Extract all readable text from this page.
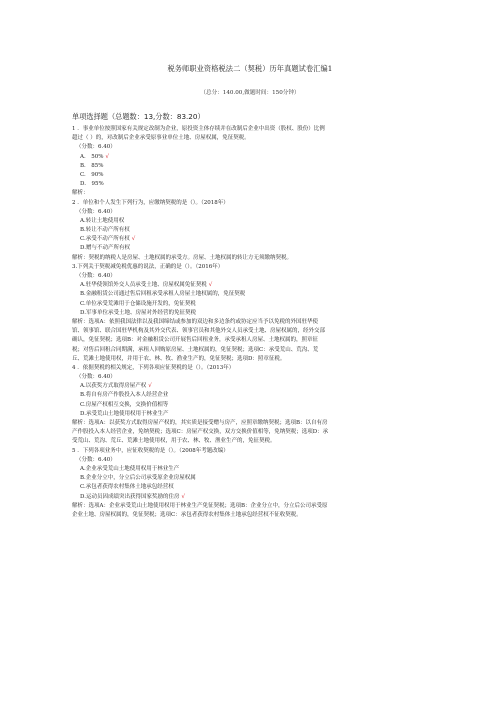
税务师职业资格税法二（契税）历年真题试卷汇编1
（总分：140.00,做题时间：150分钟）
单项选择题（总题数：13,分数：83.20）
1 ．事业单位按照国家有关规定改制为企业，原投资主体存续并在改制后企业中出资（股权、股份）比例
超过（ ）的，对改制后企业承受原事业单位土地、房屋权属，免征契税。
（分数：6.40）
A.　50% √
B.　85%
C.　90%
D.　95%
解析：
2 ．单位和个人发生下列行为，应缴纳契税的是（）。（2018年）
（分数：6.40）
A.转让土地使用权
B.转让不动产所有权
C.承受不动产所有权 √
D.赠与不动产所有权
解析：契税的纳税人是房屋、土地权属的承受方。房屋、土地权属的转让方无须缴纳契税。
3.下列关于契税减免税优惠的说法，正确的是（）。（2016年）
（分数：6.40）
A.驻华使领馆外交人员承受土地、房屋权属免征契税 √
B.金融租赁公司通过售后回租承受承租人房屋土地权属的，免征契税
C.单位承受荒滩用于仓储设施开发的，免征契税
D.军事单位承受土地、房屋对外经营的免征契税
解析：选项A：依照我国法律以及我国缔结或参加的双边和多边条约或协定应当予以免税的外国驻华使
馆、领事馆、联合国驻华机构及其外交代表、领事官员和其他外交人员承受土地、房屋权属的，经外交部
确认，免征契税；选项B：对金融租赁公司开展售后回租业务，承受承租人房屋、土地权属的，照章征
税；对售后回租合同期满，承租人回购原房屋、土地权属的，免征契税；选项C：承受荒山、荒沟、荒
丘、荒滩土地使用权，并用于农、林、牧、渔业生产的，免征契税；选项D：照章征税。
4 ．依据契税的相关规定，下列各项应征契税的是（）。（2013年）
（分数：6.40）
A.以获奖方式取得房屋产权 √
B.将自有房产作股投入本人经营企业
C.房屋产权相互交换，交换价值相等
D.承受荒山土地使用权用于林业生产
解析：选项A：以获奖方式取得房屋产权的，其实质是接受赠与房产，应照章缴纳契税；选项B：以自有房
产作股投入本人经营企业，免纳契税；选项C：房屋产权交换，双方交换价值相等，免纳契税；选项D：承
受荒山、荒沟、荒丘、荒滩土地使用权，用于农、林、牧、渔业生产的，免征契税。
5 ．下列各项业务中，应征收契税的是（）。（2008年考题改编）
（分数：6.40）
A.企业承受荒山土地使用权用于林业生产
B.企业分立中，分立后公司承受原企业房屋权属
C.承包者获得农村集体土地承包经营权
D.运动员因成绩突出获得国家奖励的住房 √
解析：选项A：企业承受荒山土地使用权用于林业生产免征契税；选项B：企业分立中，分立后公司承受原
企业土地、房屋权属的，免征契税；选项C：承包者获得农村集体土地承包经营权不征收契税。
